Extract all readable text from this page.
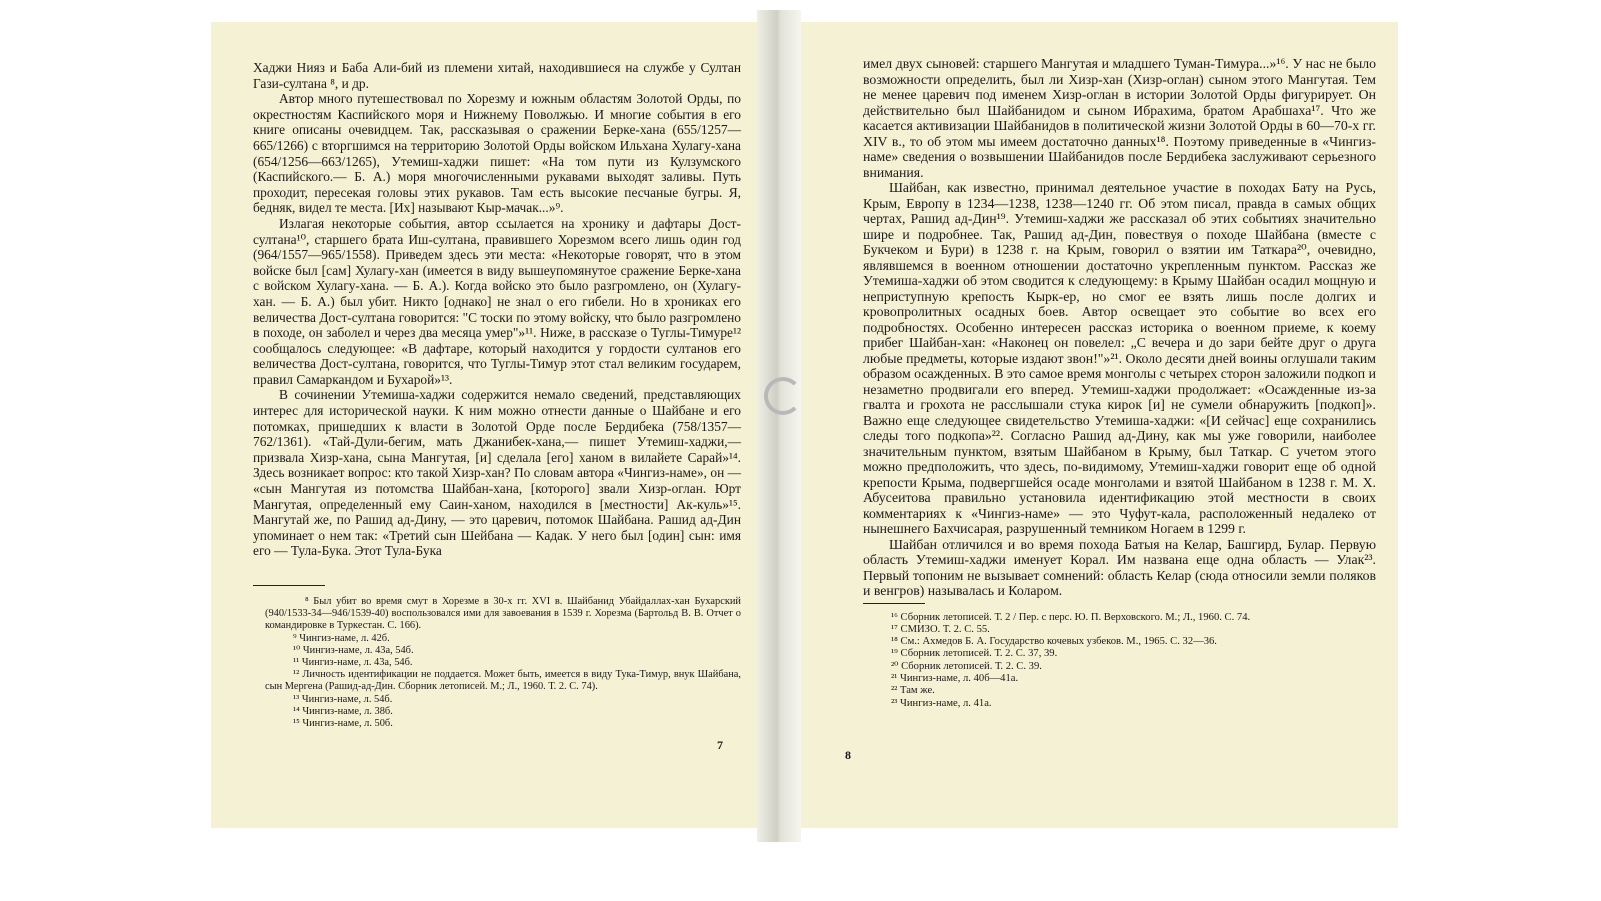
Хаджи Нияз и Баба Али-бий из племени хитай, находившиеся на службе у Султан Гази-султана ⁸, и др.

Автор много путешествовал по Хорезму и южным областям Золотой Орды, по окрестностям Каспийского моря и Нижнему Поволжью. И многие события в его книге описаны очевидцем. Так, рассказывая о сражении Берке-хана (655/1257—665/1266) с вторгшимся на территорию Золотой Орды войском Ильхана Хулагу-хана (654/1256—663/1265), Утемиш-хаджи пишет: «На том пути из Кулзумского (Каспийского.— Б. А.) моря многочисленными рукавами выходят заливы. Путь проходит, пересекая головы этих рукавов. Там есть высокие песчаные бугры. Я, бедняк, видел те места. [Их] называют Кыр-мачак...»⁹.

Излагая некоторые события, автор ссылается на хронику и дафтары Дост-султана¹⁰, старшего брата Иш-султана, правившего Хорезмом всего лишь один год (964/1557—965/1558). Приведем здесь эти места: «Некоторые говорят, что в этом войске был [сам] Хулагу-хан (имеется в виду вышеупомянутое сражение Берке-хана с войском Хулагу-хана. — Б. А.). Когда войско это было разгромлено, он (Хулагу-хан. — Б. А.) был убит. Никто [однако] не знал о его гибели. Но в хрониках его величества Дост-султана говорится: "С тоски по этому войску, что было разгромлено в походе, он заболел и через два месяца умер"»¹¹. Ниже, в рассказе о Туглы-Тимуре¹² сообщалось следующее: «В дафтаре, который находится у гордости султанов его величества Дост-султана, говорится, что Туглы-Тимур этот стал великим государем, правил Самаркандом и Бухарой»¹³.

В сочинении Утемиша-хаджи содержится немало сведений, представляющих интерес для исторической науки. К ним можно отнести данные о Шайбане и его потомках, пришедших к власти в Золотой Орде после Бердибека (758/1357—762/1361). «Тай-Дули-бегим, мать Джанибек-хана,— пишет Утемиш-хаджи,— призвала Хизр-хана, сына Мангутая, [и] сделала [его] ханом в вилайете Сарай»¹⁴. Здесь возникает вопрос: кто такой Хизр-хан? По словам автора «Чингиз-наме», он — «сын Мангутая из потомства Шайбан-хана, [которого] звали Хизр-оглан. Юрт Мангутая, определенный ему Саин-ханом, находился в [местности] Ак-куль»¹⁵. Мангутай же, по Рашид ад-Дину, — это царевич, потомок Шайбана. Рашид ад-Дин упоминает о нем так: «Третий сын Шейбана — Кадак. У него был [один] сын: имя его — Тула-Бука. Этот Тула-Бука

⁸ Был убит во время смут в Хорезме в 30-х гг. XVI в. Шайбанид Убайдаллах-хан Бухарский (940/1533-34—946/1539-40) воспользовался ими для завоевания в 1539 г. Хорезма (Бартольд В. В. Отчет о командировке в Туркестан. С. 166).

⁹ Чингиз-наме, л. 42б.

¹⁰ Чингиз-наме, л. 43а, 54б.

¹¹ Чингиз-наме, л. 43а, 54б.

¹² Личность идентификации не поддается. Может быть, имеется в виду Тука-Тимур, внук Шайбана, сын Мергена (Рашид-ад-Дин. Сборник летописей. М.; Л., 1960. Т. 2. С. 74).

¹³ Чингиз-наме, л. 54б.

¹⁴ Чингиз-наме, л. 38б.

¹⁵ Чингиз-наме, л. 50б.

7

имел двух сыновей: старшего Мангутая и младшего Туман-Тимура...»¹⁶. У нас не было возможности определить, был ли Хизр-хан (Хизр-оглан) сыном этого Мангутая. Тем не менее царевич под именем Хизр-оглан в истории Золотой Орды фигурирует. Он действительно был Шайбанидом и сыном Ибрахима, братом Арабшаха¹⁷. Что же касается активизации Шайбанидов в политической жизни Золотой Орды в 60—70-х гг. XIV в., то об этом мы имеем достаточно данных¹⁸. Поэтому приведенные в «Чингиз-наме» сведения о возвышении Шайбанидов после Бердибека заслуживают серьезного внимания.

Шайбан, как известно, принимал деятельное участие в походах Бату на Русь, Крым, Европу в 1234—1238, 1238—1240 гг. Об этом писал, правда в самых общих чертах, Рашид ад-Дин¹⁹. Утемиш-хаджи же рассказал об этих событиях значительно шире и подробнее. Так, Рашид ад-Дин, повествуя о походе Шайбана (вместе с Букчеком и Бури) в 1238 г. на Крым, говорил о взятии им Таткара²⁰, очевидно, являвшемся в военном отношении достаточно укрепленным пунктом. Рассказ же Утемиша-хаджи об этом сводится к следующему: в Крыму Шайбан осадил мощную и неприступную крепость Кырк-ер, но смог ее взять лишь после долгих и кровопролитных осадных боев. Автор освещает это событие во всех его подробностях. Особенно интересен рассказ историка о военном приеме, к коему прибег Шайбан-хан: «Наконец он повелел: „С вечера и до зари бейте друг о друга любые предметы, которые издают звон!"»²¹. Около десяти дней воины оглушали таким образом осажденных. В это самое время монголы с четырех сторон заложили подкоп и незаметно продвигали его вперед. Утемиш-хаджи продолжает: «Осажденные из-за гвалта и грохота не расслышали стука кирок [и] не сумели обнаружить [подкоп]». Важно еще следующее свидетельство Утемиша-хаджи: «[И сейчас] еще сохранились следы того подкопа»²². Согласно Рашид ад-Дину, как мы уже говорили, наиболее значительным пунктом, взятым Шайбаном в Крыму, был Таткар. С учетом этого можно предположить, что здесь, по-видимому, Утемиш-хаджи говорит еще об одной крепости Крыма, подвергшейся осаде монголами и взятой Шайбаном в 1238 г. М. Х. Абусеитова правильно установила идентификацию этой местности в своих комментариях к «Чингиз-наме» — это Чуфут-кала, расположенный недалеко от нынешнего Бахчисарая, разрушенный темником Ногаем в 1299 г.

Шайбан отличился и во время похода Батыя на Келар, Башгирд, Булар. Первую область Утемиш-хаджи именует Корал. Им названа еще одна область — Улак²³. Первый топоним не вызывает сомнений: область Келар (сюда относили земли поляков и венгров) называлась и Коларом.

¹⁶ Сборник летописей. Т. 2 / Пер. с перс. Ю. П. Верховского. М.; Л., 1960. С. 74.

¹⁷ СМИЗО. Т. 2. С. 55.

¹⁸ См.: Ахмедов Б. А. Государство кочевых узбеков. М., 1965. С. 32—36.

¹⁹ Сборник летописей. Т. 2. С. 37, 39.

²⁰ Сборник летописей. Т. 2. С. 39.

²¹ Чингиз-наме, л. 40б—41а.

²² Там же.

²³ Чингиз-наме, л. 41а.

8
